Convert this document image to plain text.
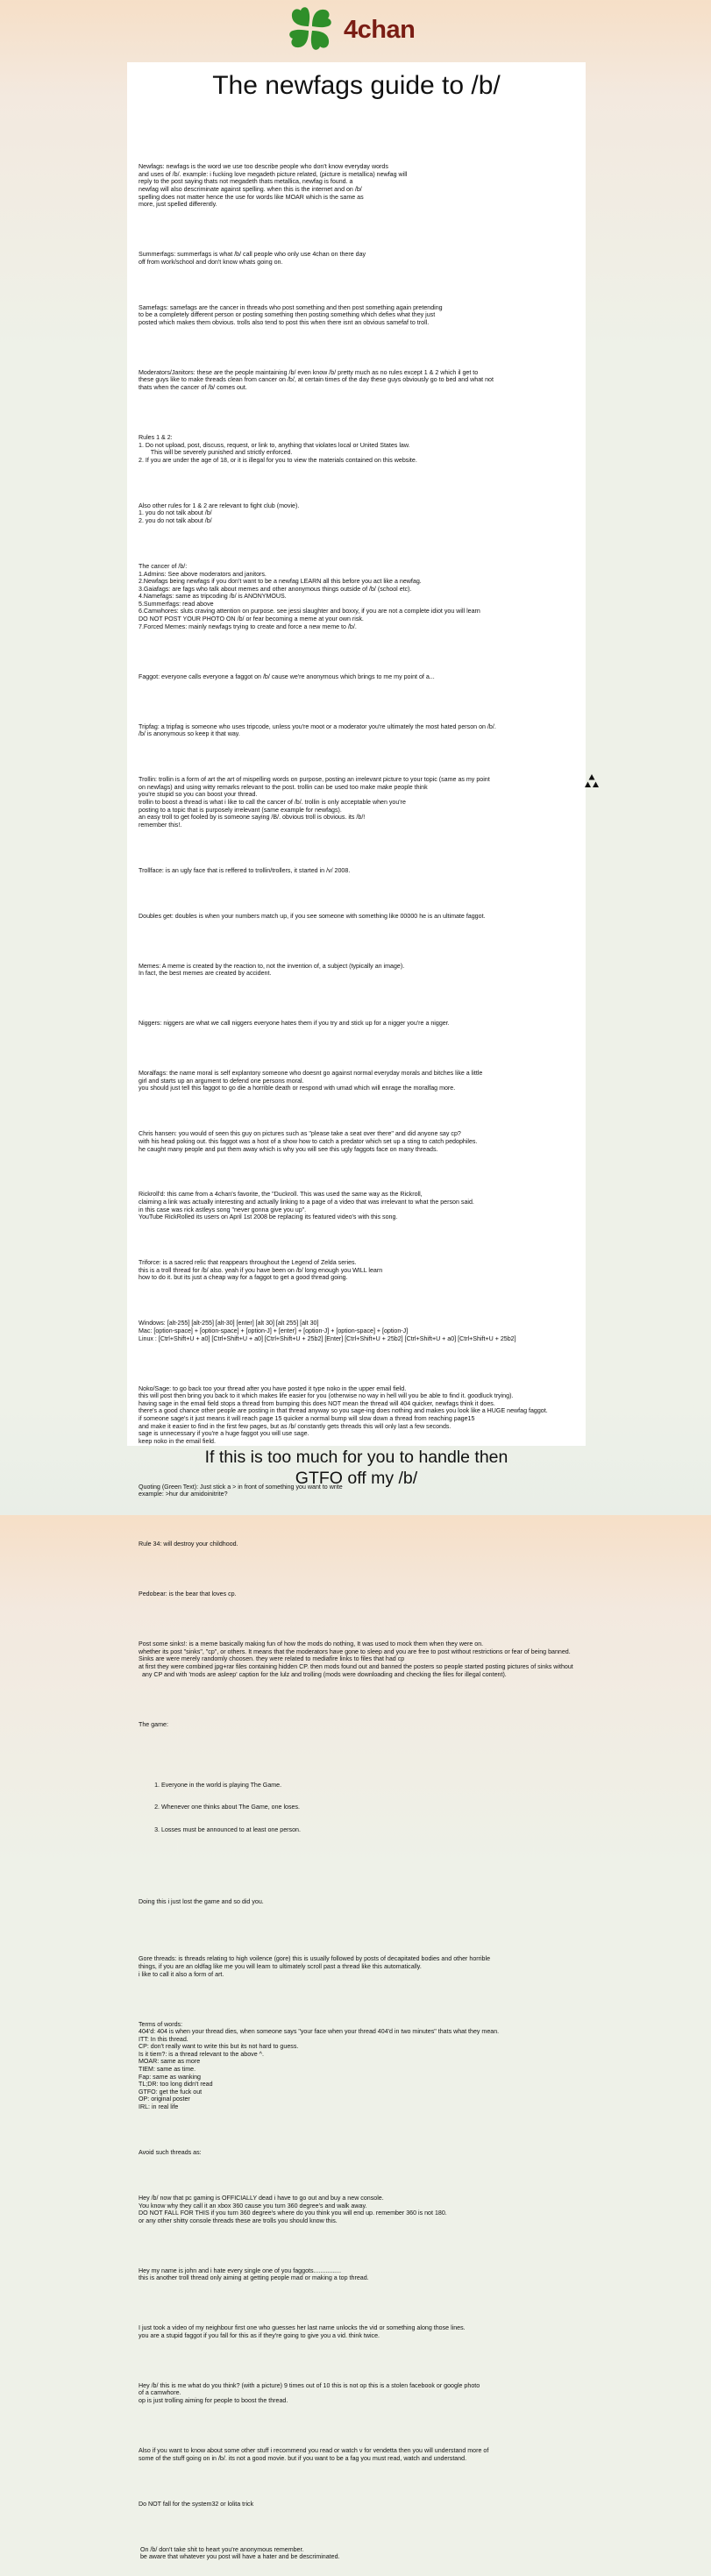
4chan
The newfags guide to /b/

Newfags: newfags is the word we use too describe people who don't know everyday words
and uses of /b/. example: i fucking love megadeth picture related, (picture is metallica) newfag will
reply to the post saying thats not megadeth thats metallica, newfag is found. a
newfag will also descriminate against spelling. when this is the internet and on /b/
spelling does not matter hence the use for words like MOAR which is the same as
more, just spelled differently.

Summerfags: summerfags is what /b/ call people who only use 4chan on there day
off from work/school and don't know whats going on.

Samefags: samefags are the cancer in threads who post something and then post something again pretending
to be a completely different person or posting something then posting something which defies what they just
posted which makes them obvious. trolls also tend to post this when there isnt an obvious samefaf to troll.

Moderators/Janitors: these are the people maintaining /b/ even know /b/ pretty much as no rules except 1 & 2 which il get to
these guys like to make threads clean from cancer on /b/, at certain times of the day these guys obviously go to bed and what not
thats when the cancer of /b/ comes out.

Rules 1 & 2:
1. Do not upload, post, discuss, request, or link to, anything that violates local or United States law.
This will be severely punished and strictly enforced.
2. If you are under the age of 18, or it is illegal for you to view the materials contained on this website.

Also other rules for 1 & 2 are relevant to fight club (movie).
1. you do not talk about /b/
2. you do not talk about /b/

The cancer of /b/:
1.Admins: See above moderators and janitors.
2.Newfags being newfags if you don't want to be a newfag LEARN all this before you act like a newfag.
3.Gaiafags: are fags who talk about memes and other anonymous things outside of /b/ (school etc).
4.Namefags: same as tripcoding /b/ is ANONYMOUS.
5.Summerfags: read above
6.Camwhores: sluts craving attention on purpose. see jessi slaughter and boxxy, if you are not a complete idiot you will learn
DO NOT POST YOUR PHOTO ON /b/ or fear becoming a meme at your own risk.
7.Forced Memes: mainly newfags trying to create and force a new meme to /b/.

Faggot: everyone calls everyone a faggot on /b/ cause we're anonymous which brings to me my point of a...

Tripfag: a tripfag is someone who uses tripcode, unless you're moot or a moderator you're ultimately the most hated person on /b/.
/b/ is anonymous so keep it that way.

Trollin: trollin is a form of art the art of mispelling words on purpose, posting an irrelevant picture to your topic (same as my point
on newfags) and using witty remarks relevant to the post. trollin can be used too make make people think
you're stupid so you can boost your thread.
trollin to boost a thread is what i like to call the cancer of /b/. trollin is only acceptable when you're
posting to a topic that is purposely irrelevant (same example for newfags).
an easy troll to get fooled by is someone saying /B/. obvious troll is obvious. its /b/!
remember this!.

Trollface: is an ugly face that is reffered to trollin/trollers, it started in /v/ 2008.

Doubles get: doubles is when your numbers match up, if you see someone with something like 00000 he is an ultimate faggot.

Memes: A meme is created by the reaction to, not the invention of, a subject (typically an image).
In fact, the best memes are created by accident.

Niggers: niggers are what we call niggers everyone hates them if you try and stick up for a nigger you're a nigger.

Moralfags: the name moral is self explantory someone who doesnt go against normal everyday morals and bitches like a little
girl and starts up an argument to defend one persons moral.
you should just tell this faggot to go die a horrible death or respond with umad which will enrage the moralfag more.

Chris hansen: you would of seen this guy on pictures such as "please take a seat over there" and did anyone say cp?
with his head poking out. this faggot was a host of a show how to catch a predator which set up a sting to catch pedophiles.
he caught many people and put them away which is why you will see this ugly faggots face on many threads.

Rickroll'd: this came from a 4chan's favorite, the "Duckroll. This was used the same way as the Rickroll,
claiming a link was actually interesting and actually linking to a page of a video that was irrelevant to what the person said.
in this case was rick astleys song "never gonna give you up".
YouTube RickRolled its users on April 1st 2008 be replacing its featured video's with this song.

Triforce: is a sacred relic that reappears throughout the Legend of Zelda series.
this is a troll thread for /b/ also. yeah if you have been on /b/ long enough you WILL learn
how to do it. but its just a cheap way for a faggot to get a good thread going.

Windows: [alt-255] [alt-255] [alt-30] [enter] [alt 30] [alt 255] [alt 30]
Mac: [option-space] + [option-space] + [option-J] + [enter] + [option-J] + [option-space] + [option-J]
Linux : [Ctrl+Shift+U + a0] [Ctrl+Shift+U + a0] [Ctrl+Shift+U + 25b2] [Enter] [Ctrl+Shift+U + 25b2] [Ctrl+Shift+U + a0] [Ctrl+Shift+U + 25b2]

Noko/Sage: to go back too your thread after you have posted it type noko in the upper email field.
this will post then bring you back to it which makes life easier for you (otherwise no way in hell will you be able to find it. goodluck trying).
having sage in the email field stops a thread from bumping this does NOT mean the thread will 404 quicker, newfags think it does.
there's a good chance other people are posting in that thread anyway so you sage-ing does nothing and makes you look like a HUGE newfag faggot.
if someone sage's it just means it will reach page 15 quicker a normal bump will slow down a thread from reaching page15
and make it easier to find in the first few pages, but as /b/ constantly gets threads this will only last a few seconds.
sage is unnecessary if you're a huge faggot you will use sage.
keep noko in the email field.

Quoting (Green Text): Just stick a > in front of something you want to write
example: >hur dur amidoinitrite?

Rule 34: will destroy your childhood.

Pedobear: is the bear that loves cp.

Post some sinks!: is a meme basically making fun of how the mods do nothing, It was used to mock them when they were on.
whether its post "sinks", "cp", or others. It means that the moderators have gone to sleep and you are free to post without restrictions or fear of being banned.
Sinks are were merely randomly choosen. they were related to mediafire links to files that had cp
at first they were combined jpg+rar files containing hidden CP. then mods found out and banned the posters so people started posting pictures of sinks without
any CP and with 'mods are asleep' caption for the lulz and trolling (mods were downloading and checking the files for illegal content).

The game:

1. Everyone in the world is playing The Game.

2. Whenever one thinks about The Game, one loses.

3. Losses must be announced to at least one person.

Doing this i just lost the game and so did you.

Gore threads: is threads relating to high voilence (gore) this is usually followed by posts of decapitated bodies and other horrible
things, if you are an oldfag like me you will learn to ultimately scroll past a thread like this automatically.
i like to call it also a form of art.

Terms of words:
404'd: 404 is when your thread dies, when someone says "your face when your thread 404'd in two minutes" thats what they mean.
ITT: In this thread.
CP: don't really want to write this but its not hard to guess.
Is it tiem?: is a thread relevant to the above ^.
MOAR: same as more
TIEM: same as time.
Fap: same as wanking
TL;DR: too long didn't read
GTFO: get the fuck out
OP: original poster
IRL: in real life

Avoid such threads as:

Hey /b/ now that pc gaming is OFFICIALLY dead i have to go out and buy a new console.
You know why they call it an xbox 360 cause you turn 360 degree's and walk away.
DO NOT FALL FOR THIS if you turn 360 degree's where do you think you will end up. remember 360 is not 180.
or any other shitty console threads these are trolls you should know this.

Hey my name is john and i hate every single one of you faggots................
this is another troll thread only aiming at getting people mad or making a top thread.

I just took a video of my neighbour first one who guesses her last name unlocks the vid or something along those lines.
you are a stupid faggot if you fall for this as if they're going to give you a vid. think twice.

Hey /b/ this is me what do you think? (with a picture) 9 times out of 10 this is not op this is a stolen facebook or google photo
of a camwhore.
op is just trolling aiming for people to boost the thread.

Also if you want to know about some other stuff i recommend you read or watch v for vendetta then you will understand more of
some of the stuff going on in /b/. its not a good movie. but if you want to be a fag you must read, watch and understand.

Do NOT fall for the system32 or lolita trick

On /b/ don't take shit to heart you're anonymous remember.
be aware that whatever you post will have a hater and be descriminated.

If this is too much for you to handle then
GTFO off my /b/
